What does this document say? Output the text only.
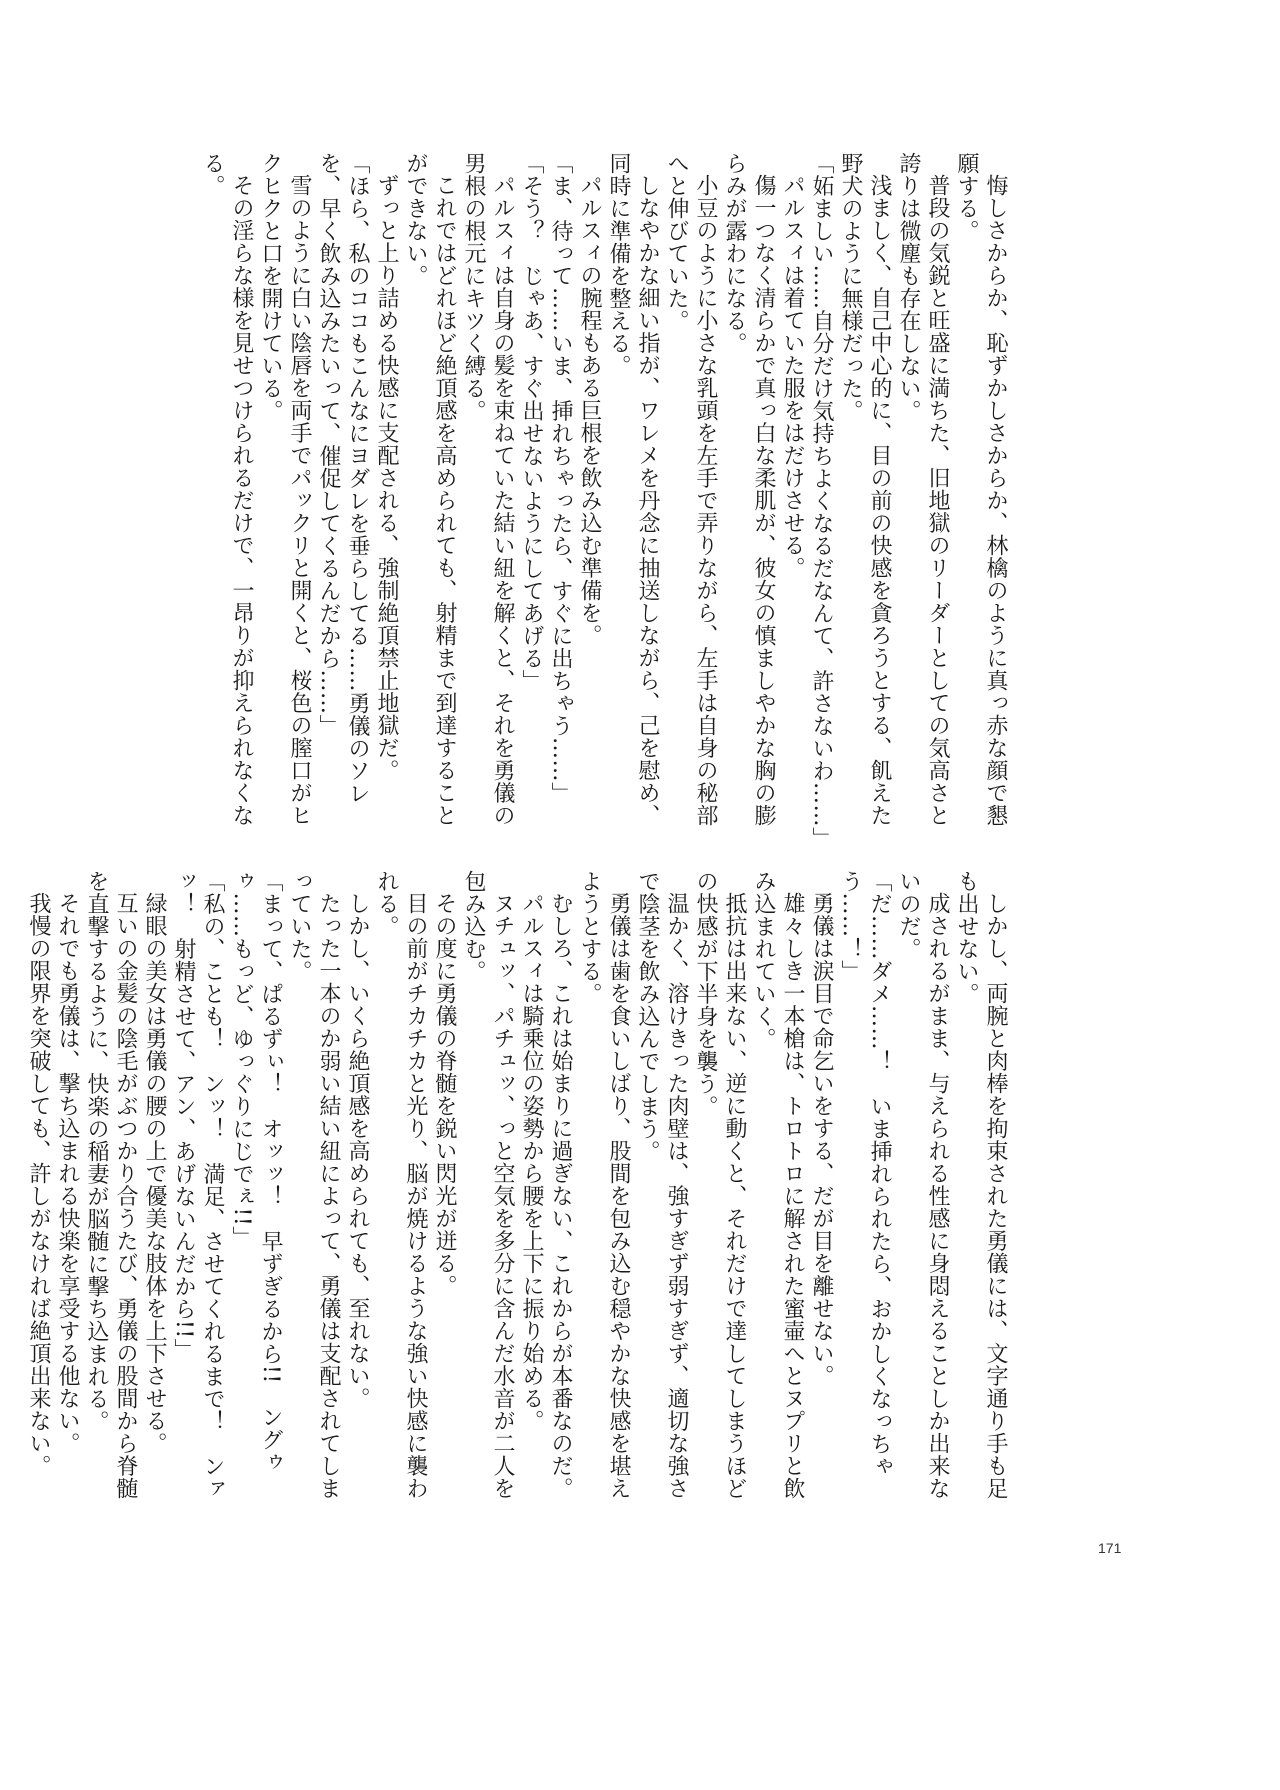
悔しさからか、恥ずかしさからか、林檎のように真っ赤な顔で懇願する。

普段の気鋭と旺盛に満ちた、旧地獄のリーダーとしての気高さと誇りは微塵も存在しない。

浅ましく、自己中心的に、目の前の快感を貪ろうとする、飢えた野犬のように無様だった。

「妬ましい……自分だけ気持ちよくなるだなんて、許さないわ……」

パルスィは着ていた服をはだけさせる。

傷一つなく清らかで真っ白な柔肌が、彼女の慎ましやかな胸の膨らみが露わになる。

小豆のように小さな乳頭を左手で弄りながら、左手は自身の秘部へと伸びていた。

しなやかな細い指が、ワレメを丹念に抽送しながら、己を慰め、同時に準備を整える。

パルスィの腕程もある巨根を飲み込む準備を。

「ま、待って……いま、挿れちゃったら、すぐに出ちゃう……」

「そう？　じゃあ、すぐ出せないようにしてあげる」

パルスィは自身の髪を束ねていた結い紐を解くと、それを勇儀の男根の根元にキツく縛る。

これではどれほど絶頂感を高められても、射精まで到達することができない。

ずっと上り詰める快感に支配される、強制絶頂禁止地獄だ。

「ほら、私のココもこんなにヨダレを垂らしてる……勇儀のソレを、早く飲み込みたいって、催促してくるんだから……」

雪のように白い陰唇を両手でパックリと開くと、桜色の膣口がヒクヒクと口を開けている。

その淫らな様を見せつけられるだけで、一昂りが抑えられなくなる。

しかし、両腕と肉棒を拘束された勇儀には、文字通り手も足も出せない。

成されるがまま、与えられる性感に身悶えることしか出来ないのだ。

「だ……ダメ……！　いま挿れられたら、おかしくなっちゃう……！」

勇儀は涙目で命乞いをする、だが目を離せない。

雄々しき一本槍は、トロトロに解された蜜壷へとヌプリと飲み込まれていく。

抵抗は出来ない、逆に動くと、それだけで達してしまうほどの快感が下半身を襲う。

温かく、溶けきった肉壁は、強すぎず弱すぎず、適切な強さで陰茎を飲み込んでしまう。

勇儀は歯を食いしばり、股間を包み込む穏やかな快感を堪えようとする。

むしろ、これは始まりに過ぎない、これからが本番なのだ。

パルスィは騎乗位の姿勢から腰を上下に振り始める。

ヌチュッ、パチュッ、っと空気を多分に含んだ水音が二人を包み込む。

その度に勇儀の脊髄を鋭い閃光が迸る。

目の前がチカチカと光り、脳が焼けるような強い快感に襲われる。

しかし、いくら絶頂感を高められても、至れない。

たった一本のか弱い結い紐によって、勇儀は支配されてしまっていた。

「まって、ぱるずぃ！　オッッ！　早ずぎるから!!　ングゥゥ……もっど、ゆっぐりにじでぇ!!」

「私の、ことも！　ンッ！　満足、させてくれるまで！　ンァッ！　射精させて、アン、あげないんだから!!」

緑眼の美女は勇儀の腰の上で優美な肢体を上下させる。

互いの金髪の陰毛がぶつかり合うたび、勇儀の股間から脊髄を直撃するように、快楽の稲妻が脳髄に撃ち込まれる。

それでも勇儀は、撃ち込まれる快楽を享受する他ない。

我慢の限界を突破しても、許しがなければ絶頂出来ない。

171
